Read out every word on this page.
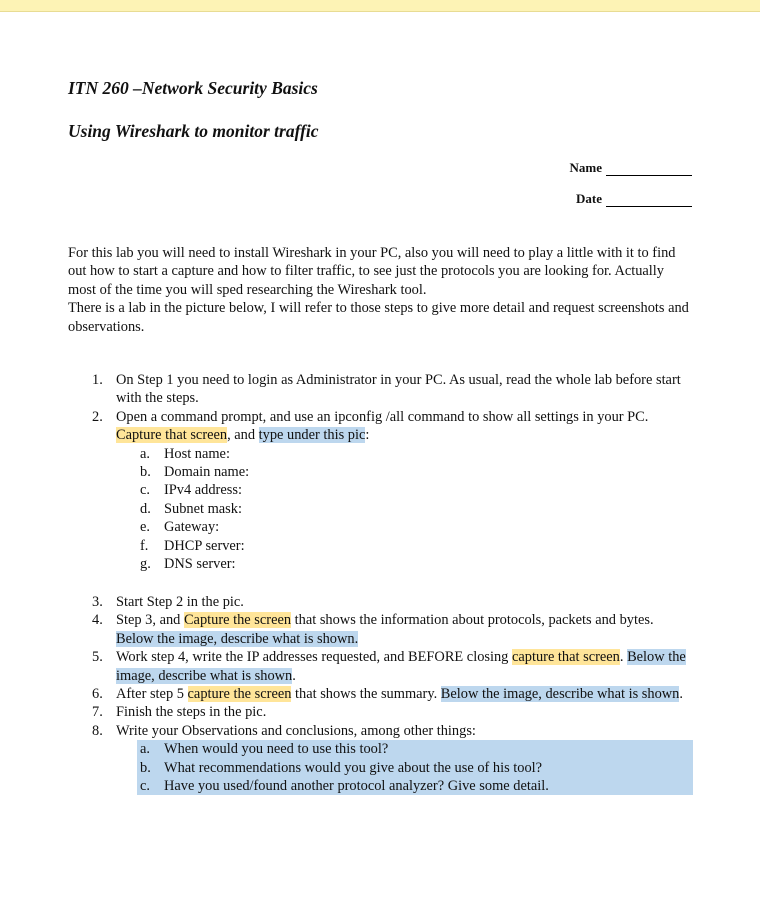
ITN 260 –Network Security Basics
Using Wireshark to monitor traffic
Name
Date

For this lab you will need to install Wireshark in your PC, also you will need to play a little with it to find out how to start a capture and how to filter traffic, to see just the protocols you are looking for. Actually most of the time you will sped researching the Wireshark tool.

There is a lab in the picture below, I will refer to those steps to give more detail and request screenshots and observations.

1. On Step 1 you need to login as Administrator in your PC. As usual, read the whole lab before start with the steps.
2. Open a command prompt, and use an ipconfig /all command to show all settings in your PC. Capture that screen, and type under this pic:
a. Host name:
b. Domain name:
c. IPv4 address:
d. Subnet mask:
e. Gateway:
f. DHCP server:
g. DNS server:
3. Start Step 2 in the pic.
4. Step 3, and Capture the screen that shows the information about protocols, packets and bytes. Below the image, describe what is shown.
5. Work step 4, write the IP addresses requested, and BEFORE closing capture that screen. Below the image, describe what is shown.
6. After step 5 capture the screen that shows the summary. Below the image, describe what is shown.
7. Finish the steps in the pic.
8. Write your Observations and conclusions, among other things:
a. When would you need to use this tool?
b. What recommendations would you give about the use of his tool?
c. Have you used/found another protocol analyzer? Give some detail.
